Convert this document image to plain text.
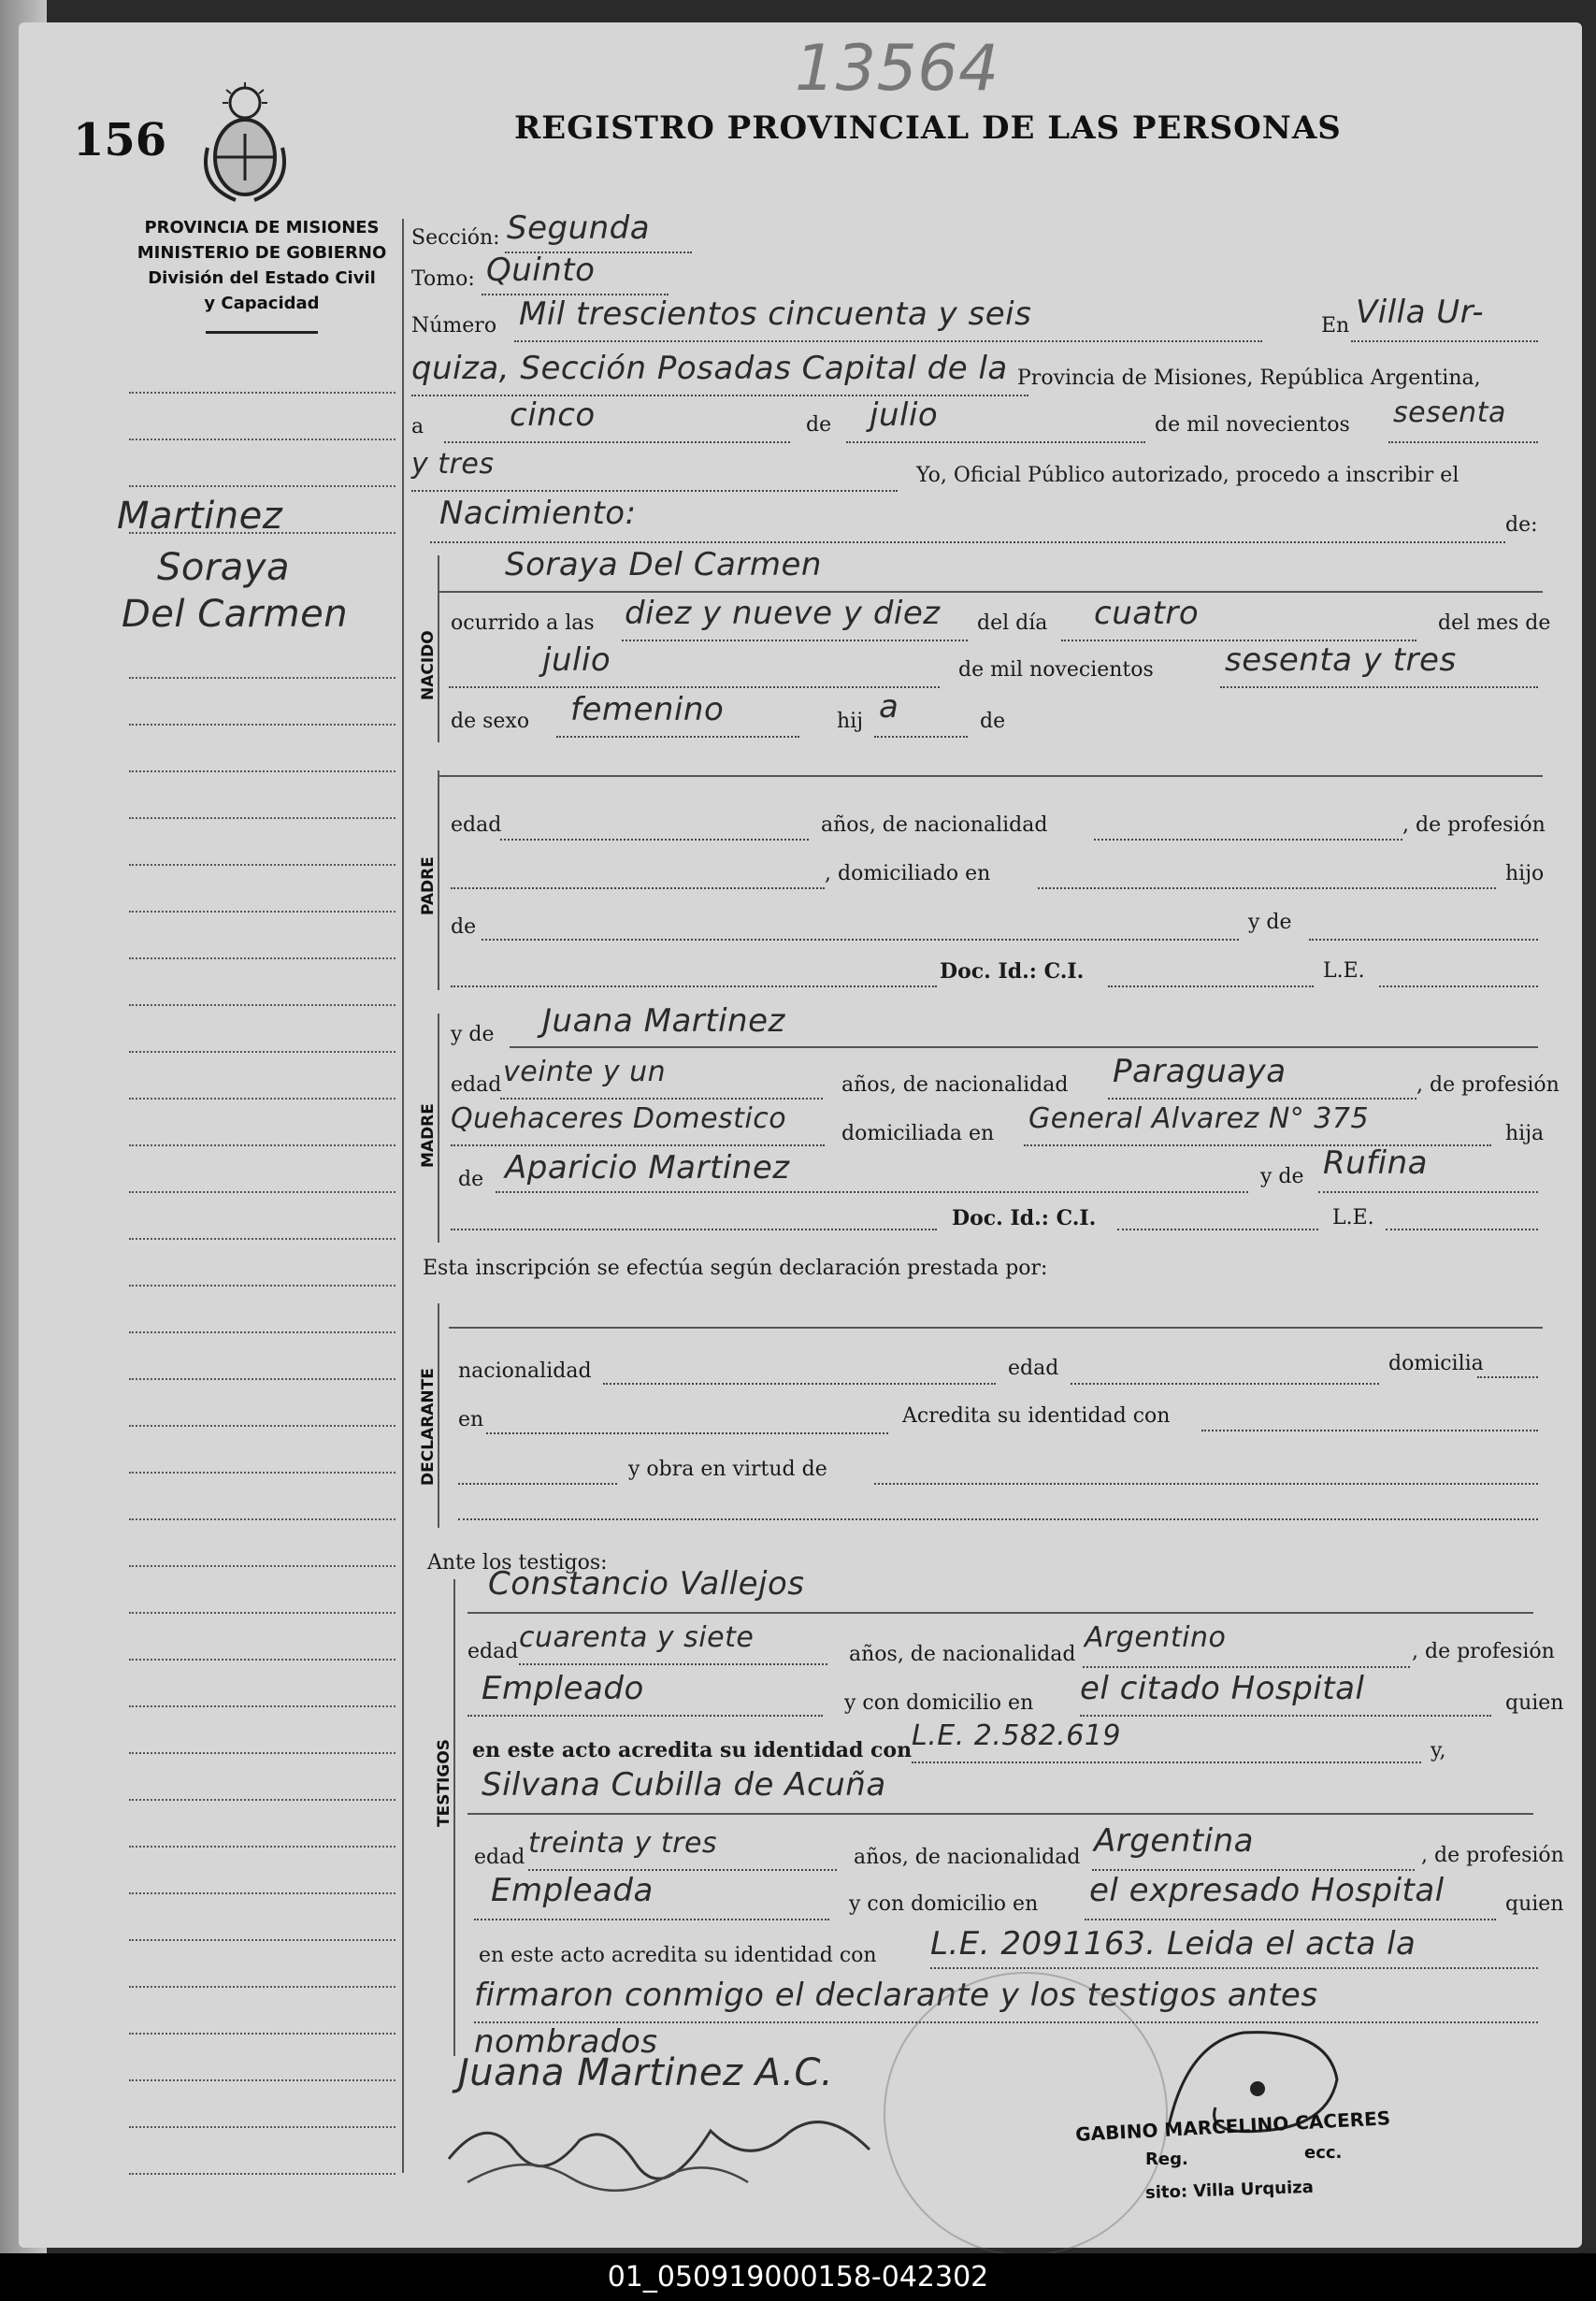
156
13564
REGISTRO PROVINCIAL DE LAS PERSONAS
PROVINCIA DE MISIONES
MINISTERIO DE GOBIERNO
División del Estado Civil
y Capacidad
Martinez
Soraya
Del Carmen
Sección: Segunda
Tomo: Quinto
Número Mil trescientos cincuenta y seis	En Villa Ur-
quiza, Sección Posadas Capital de la Provincia de Misiones, República Argentina,
a	cinco	de julio	de mil novecientos sesenta
y tres	Yo, Oficial Público autorizado, procedo a inscribir el
Nacimiento:	de:
NACIDO
Soraya Del Carmen
ocurrido a las diez y nueve y diez del día cuatro	del mes de
julio	de mil novecientos sesenta y tres
de sexo femenino	hij a	de
PADRE
edad	años, de nacionalidad	, de profesión
, domiciliado en	hijo
de	y de
Doc. Id.: C.I.	L.E.
MADRE
y de Juana Martinez
edad veinte y un	años, de nacionalidad Paraguaya	, de profesión
Quehaceres Domestico	domiciliada en General Alvarez N° 375	hija
de Aparicio Martinez	y de Rufina
Doc. Id.: C.I.	L.E.
Esta inscripción se efectúa según declaración prestada por:
DECLARANTE nacionalidad	edad	domicilia
en	Acredita su identidad con
y obra en virtud de
Ante los testigos:
TESTIGOS
Constancio Vallejos
edad cuarenta y siete
años, de nacionalidad
Argentino	, de profesión
Empleado	y con domicilio en el citado Hospital	quien
en este acto acredita su identidad con L.E. 2.582.619	y,
Silvana Cubilla de Acuña
edad treinta y tres	años, de nacionalidad Argentina	, de profesión
Empleada	y con domicilio en el expresado Hospital	quien
en este acto acredita su identidad con L.E. 2091163. Leida el acta la
firmaron conmigo el declarante y los testigos antes
nombrados
Juana Martinez A.C.
GABINO MARCELINO CACERES
Reg.	ecc.
sito: Villa Urquiza
01_050919000158-042302
